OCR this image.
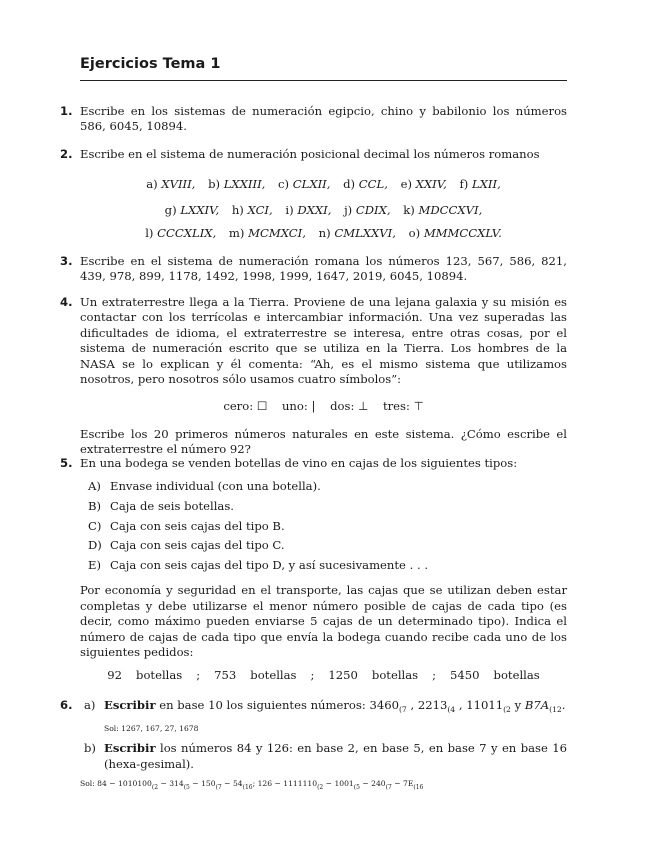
Ejercicios Tema 1
1. Escribe en los sistemas de numeración egipcio, chino y babilonio los números 586, 6045, 10894.
2. Escribe en el sistema de numeración posicional decimal los números romanos
a) XVIII, b) LXXIII, c) CLXII, d) CCL, e) XXIV, f) LXII,
g) LXXIV, h) XCI, i) DXXI, j) CDIX, k) MDCCXVI,
l) CCCXLIX, m) MCMXCI, n) CMLXXVI, o) MMMCCXLV.
3. Escribe en el sistema de numeración romana los números 123, 567, 586, 821, 439, 978, 899, 1178, 1492, 1998, 1999, 1647, 2019, 6045, 10894.
4. Un extraterrestre llega a la Tierra. Proviene de una lejana galaxia y su misión es contactar con los terrícolas e intercambiar información. Una vez superadas las dificultades de idioma, el extraterrestre se interesa, entre otras cosas, por el sistema de numeración escrito que se utiliza en la Tierra. Los hombres de la NASA se lo explican y él comenta: “Ah, es el mismo sistema que utilizamos nosotros, pero nosotros sólo usamos cuatro símbolos”:
cero: ☐ uno: | dos: ⊥ tres: ⊤
Escribe los 20 primeros números naturales en este sistema. ¿Cómo escribe el extraterrestre el número 92?
5. En una bodega se venden botellas de vino en cajas de los siguientes tipos:
A) Envase individual (con una botella).
B) Caja de seis botellas.
C) Caja con seis cajas del tipo B.
D) Caja con seis cajas del tipo C.
E) Caja con seis cajas del tipo D, y así sucesivamente . . .
Por economía y seguridad en el transporte, las cajas que se utilizan deben estar completas y debe utilizarse el menor número posible de cajas de cada tipo (es decir, como máximo pueden enviarse 5 cajas de un determinado tipo). Indica el número de cajas de cada tipo que envía la bodega cuando recibe cada uno de los siguientes pedidos:
92	botellas	;	753	botellas	;	1250	botellas	;	5450	botellas
6. a) Escribir en base 10 los siguientes números: $3460_{(7}$ , $2213_{(4}$ , $11011_{(2}$ y $B7A_{(12}$.
Sol: 1267, 167, 27, 1678
b) Escribir los números 84 y 126: en base 2, en base 5, en base 7 y en base 16 (hexa-gesimal).
Sol: $84 - 1010100_{(2} - 314_{(5} - 150_{(7} - 54_{(16}$; $126 - 1111110_{(2} - 1001_{(5} - 240_{(7} - 7E_{(16}$
